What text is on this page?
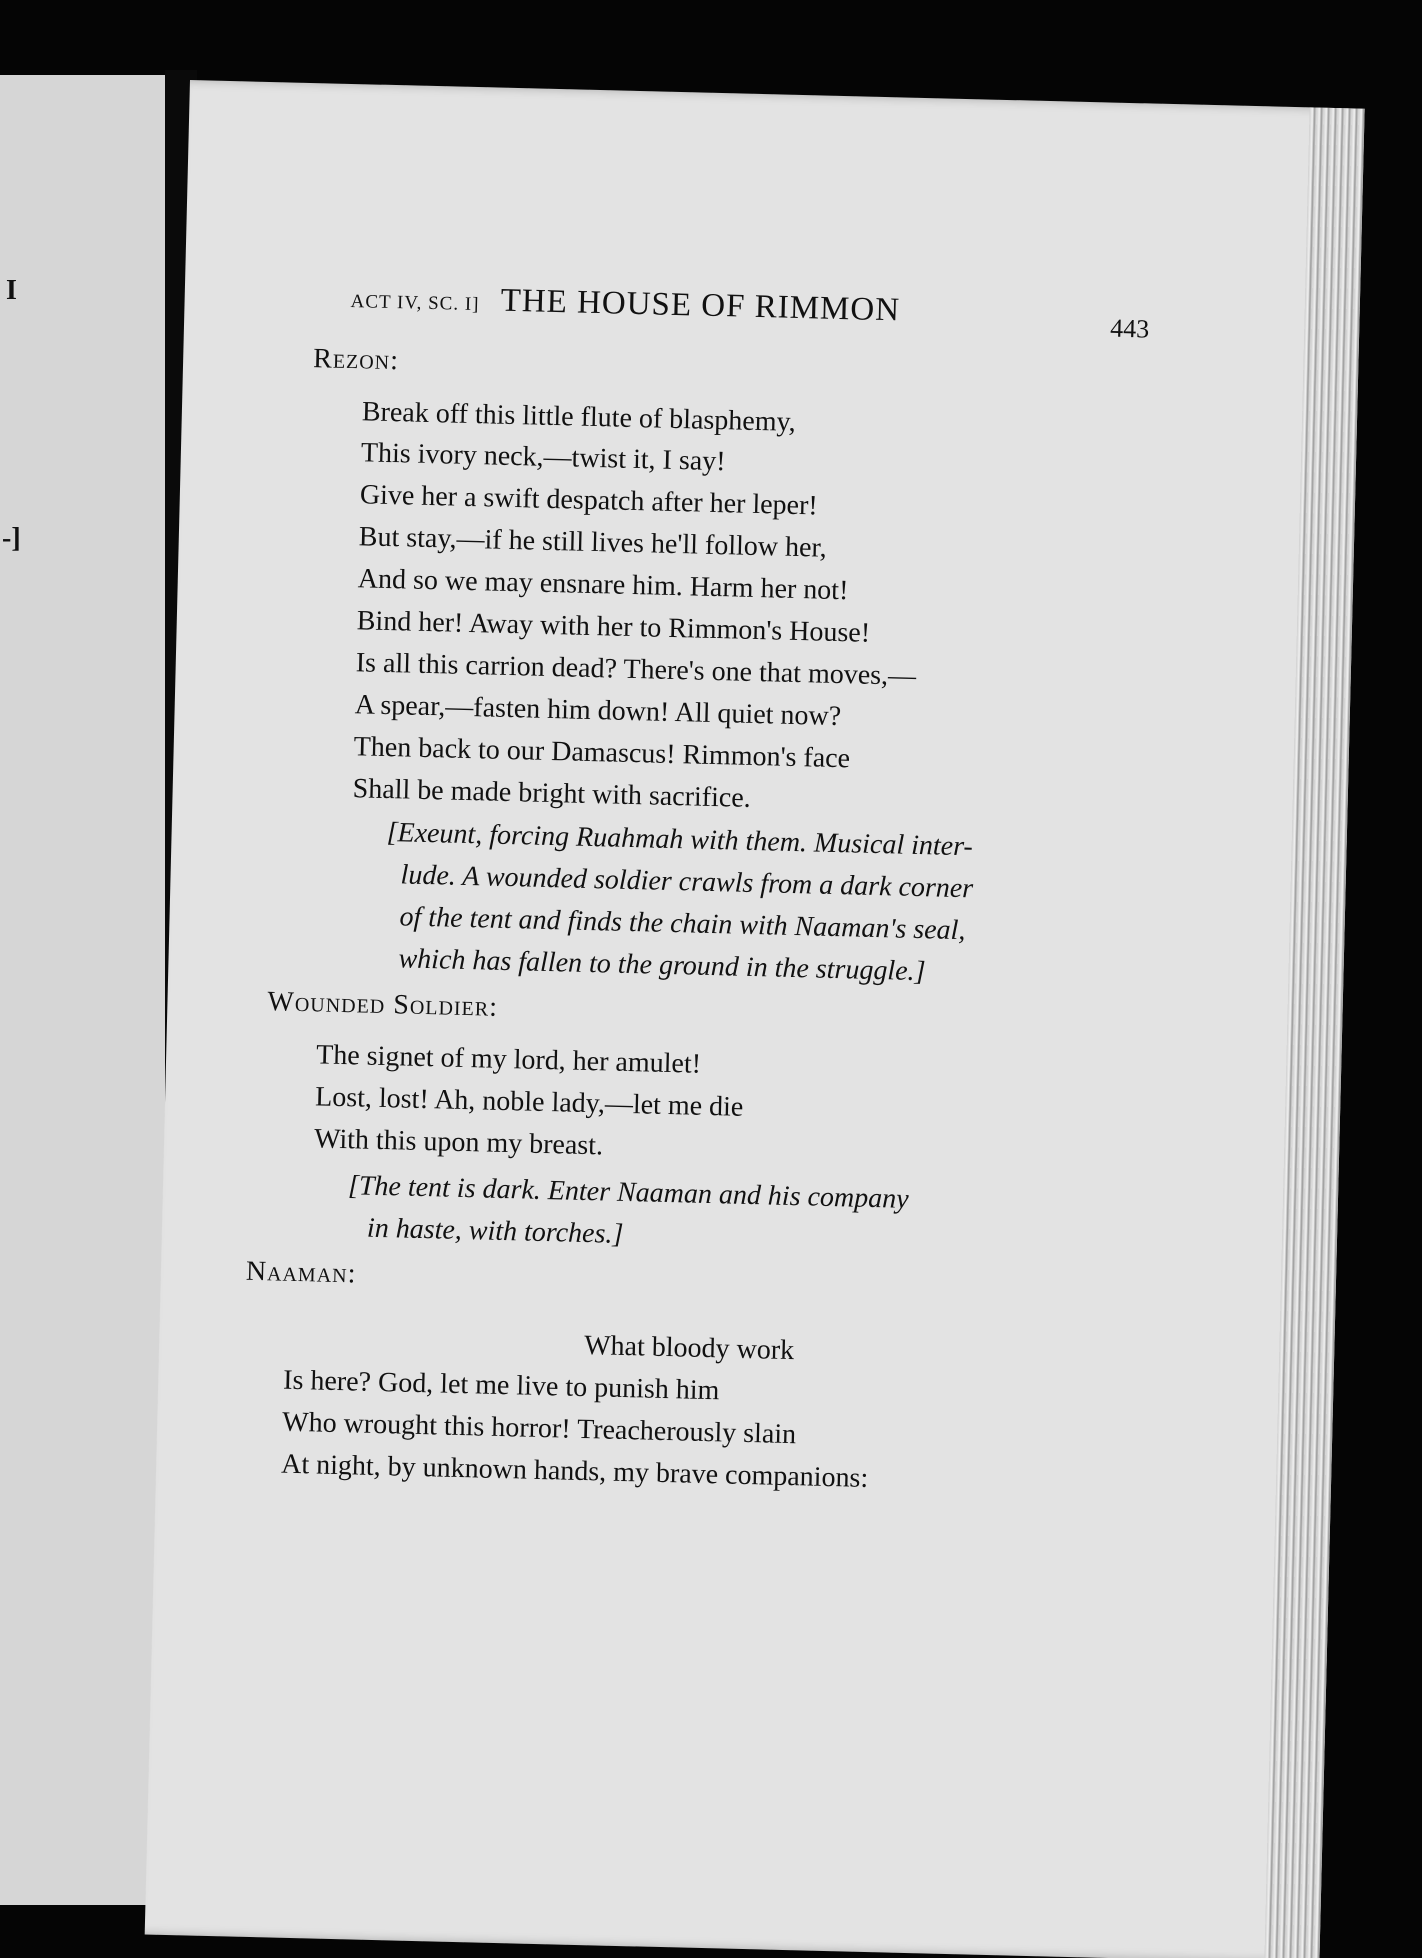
I
-]
ACT IV, SC. I] THE HOUSE OF RIMMON
443
Rezon:
Break off this little flute of blasphemy,
This ivory neck,—twist it, I say!
Give her a swift despatch after her leper!
But stay,—if he still lives he'll follow her,
And so we may ensnare him. Harm her not!
Bind her! Away with her to Rimmon's House!
Is all this carrion dead? There's one that moves,—
A spear,—fasten him down! All quiet now?
Then back to our Damascus! Rimmon's face
Shall be made bright with sacrifice.
[Exeunt, forcing Ruahmah with them. Musical inter-
lude. A wounded soldier crawls from a dark corner
of the tent and finds the chain with Naaman's seal,
which has fallen to the ground in the struggle.]
Wounded Soldier:
The signet of my lord, her amulet!
Lost, lost! Ah, noble lady,—let me die
With this upon my breast.
[The tent is dark. Enter Naaman and his company
in haste, with torches.]
Naaman:
What bloody work
Is here? God, let me live to punish him
Who wrought this horror! Treacherously slain
At night, by unknown hands, my brave companions:
